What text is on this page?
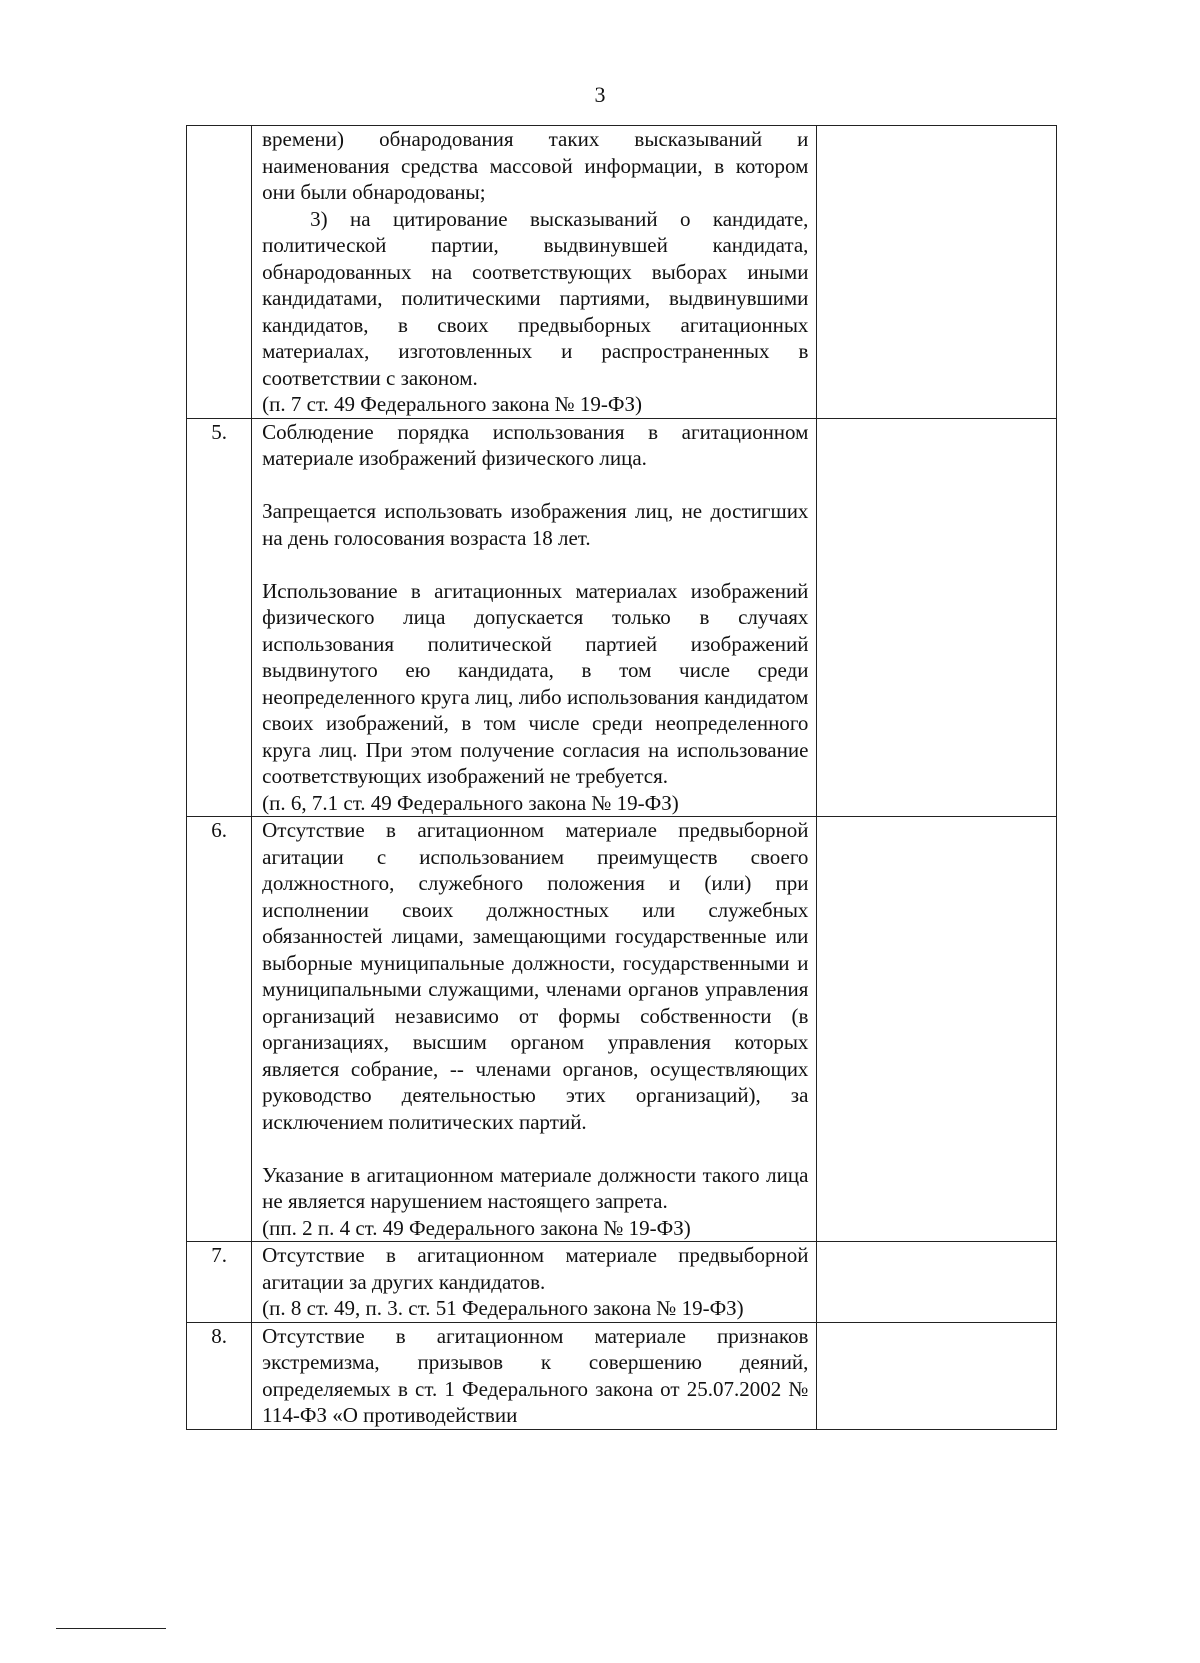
3

	времени) обнародования таких высказываний и наименования средства массовой информации, в котором они были обнародованы;

3) на цитирование высказываний о кандидате, политической партии, выдвинувшей кандидата, обнародованных на соответствующих выборах иными кандидатами, политическими партиями, выдвинувшими кандидатов, в своих предвыборных агитационных материалах, изготовленных и распространенных в соответствии с законом.

(п. 7 ст. 49 Федерального закона № 19-ФЗ)	

5.	Соблюдение порядка использования в агитационном материале изображений физического лица.

Запрещается использовать изображения лиц, не достигших на день голосования возраста 18 лет.

Использование в агитационных материалах изображений физического лица допускается только в случаях использования политической партией изображений выдвинутого ею кандидата, в том числе среди неопределенного круга лиц, либо использования кандидатом своих изображений, в том числе среди неопределенного круга лиц. При этом получение согласия на использование соответствующих изображений не требуется.

(п. 6, 7.1 ст. 49 Федерального закона № 19-ФЗ)	

6.	Отсутствие в агитационном материале предвыборной агитации с использованием преимуществ своего должностного, служебного положения и (или) при исполнении своих должностных или служебных обязанностей лицами, замещающими государственные или выборные муниципальные должности, государственными и муниципальными служащими, членами органов управления организаций независимо от формы собственности (в организациях, высшим органом управления которых является собрание, -- членами органов, осуществляющих руководство деятельностью этих организаций), за исключением политических партий.

Указание в агитационном материале должности такого лица не является нарушением настоящего запрета.

(пп. 2 п. 4 ст. 49 Федерального закона № 19-ФЗ)	

7.	Отсутствие в агитационном материале предвыборной агитации за других кандидатов.

(п. 8 ст. 49, п. 3. ст. 51 Федерального закона № 19-ФЗ)	

8.	Отсутствие в агитационном материале признаков экстремизма, призывов к совершению деяний, определяемых в ст. 1 Федерального закона от 25.07.2002 № 114-ФЗ «О противодействии	
